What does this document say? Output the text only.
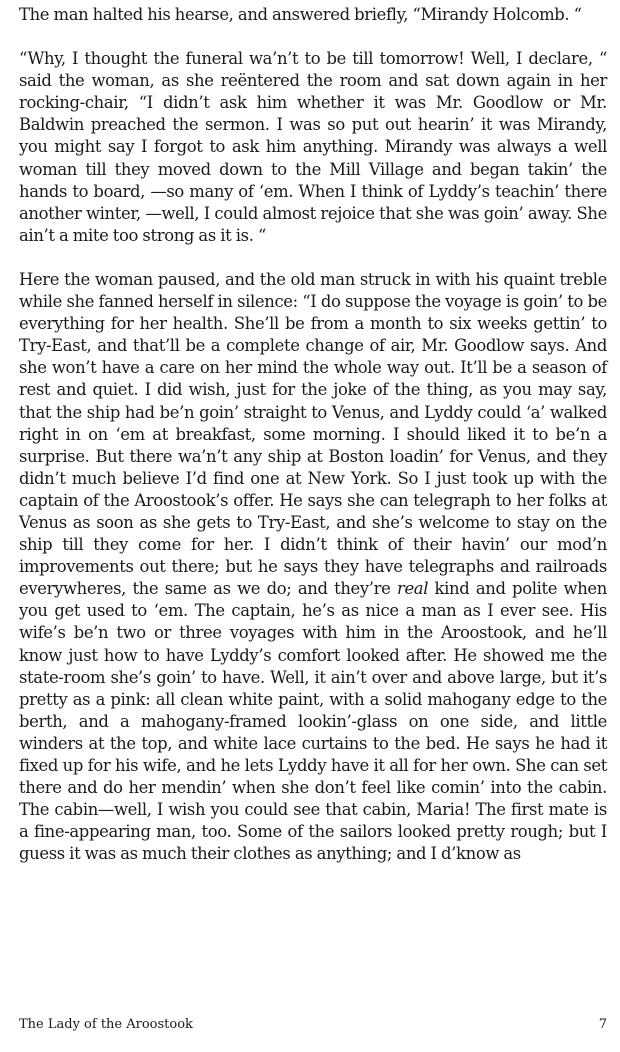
The man halted his hearse, and answered briefly, “Mirandy Holcomb. “

“Why, I thought the funeral wa’n’t to be till tomorrow! Well, I declare, “ said the woman, as she reëntered the room and sat down again in her rocking-chair, “I didn’t ask him whether it was Mr. Goodlow or Mr. Baldwin preached the sermon. I was so put out hearin’ it was Mirandy, you might say I forgot to ask him anything. Mirandy was always a well woman till they moved down to the Mill Village and began takin’ the hands to board, —so many of ‘em. When I think of Lyddy’s teachin’ there another winter, —well, I could almost rejoice that she was goin’ away. She ain’t a mite too strong as it is. “

Here the woman paused, and the old man struck in with his quaint treble while she fanned herself in silence: “I do suppose the voyage is goin’ to be everything for her health. She’ll be from a month to six weeks gettin’ to Try-East, and that’ll be a complete change of air, Mr. Goodlow says. And she won’t have a care on her mind the whole way out. It’ll be a season of rest and quiet. I did wish, just for the joke of the thing, as you may say, that the ship had be’n goin’ straight to Venus, and Lyddy could ‘a’ walked right in on ‘em at breakfast, some morning. I should liked it to be’n a surprise. But there wa’n’t any ship at Boston loadin’ for Venus, and they didn’t much believe I’d find one at New York. So I just took up with the captain of the Aroostook’s offer. He says she can telegraph to her folks at Venus as soon as she gets to Try-East, and she’s welcome to stay on the ship till they come for her. I didn’t think of their havin’ our mod’n improvements out there; but he says they have telegraphs and railroads everywheres, the same as we do; and they’re real kind and polite when you get used to ‘em. The captain, he’s as nice a man as I ever see. His wife’s be’n two or three voyages with him in the Aroostook, and he’ll know just how to have Lyddy’s comfort looked after. He showed me the state-room she’s goin’ to have. Well, it ain’t over and above large, but it’s pretty as a pink: all clean white paint, with a solid mahogany edge to the berth, and a mahogany-framed lookin’-glass on one side, and little winders at the top, and white lace curtains to the bed. He says he had it fixed up for his wife, and he lets Lyddy have it all for her own. She can set there and do her mendin’ when she don’t feel like comin’ into the cabin. The cabin—well, I wish you could see that cabin, Maria! The first mate is a fine-appearing man, too. Some of the sailors looked pretty rough; but I guess it was as much their clothes as anything; and I d’know as

The Lady of the Aroostook	7
